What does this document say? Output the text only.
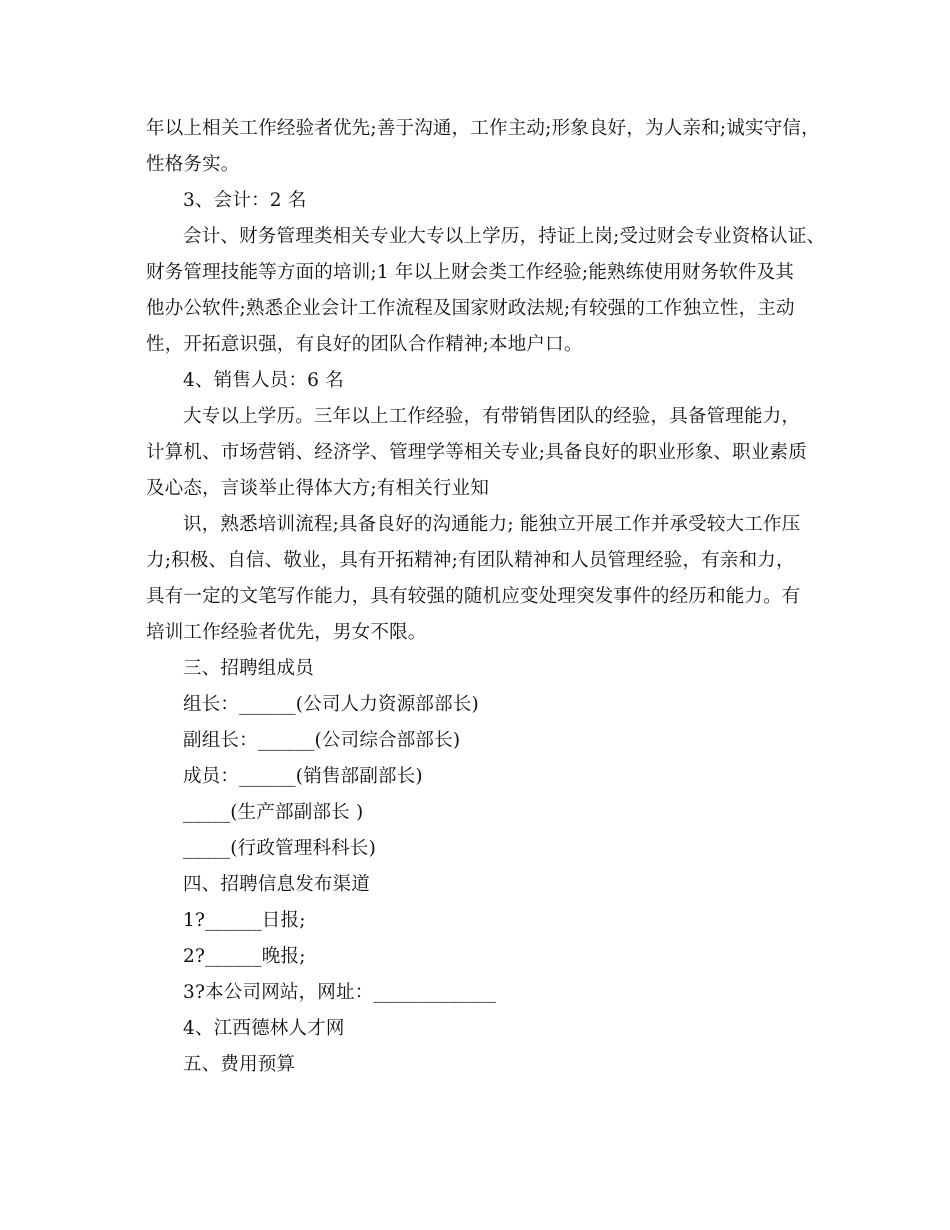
年以上相关工作经验者优先;善于沟通，工作主动;形象良好，为人亲和;诚实守信，
性格务实。
3、会计：2 名
会计、财务管理类相关专业大专以上学历，持证上岗;受过财会专业资格认证、
财务管理技能等方面的培训;1 年以上财会类工作经验;能熟练使用财务软件及其
他办公软件;熟悉企业会计工作流程及国家财政法规;有较强的工作独立性，主动
性，开拓意识强，有良好的团队合作精神;本地户口。
4、销售人员：6 名
大专以上学历。三年以上工作经验，有带销售团队的经验，具备管理能力，
计算机、市场营销、经济学、管理学等相关专业;具备良好的职业形象、职业素质
及心态，言谈举止得体大方;有相关行业知
识，熟悉培训流程;具备良好的沟通能力; 能独立开展工作并承受较大工作压
力;积极、自信、敬业，具有开拓精神;有团队精神和人员管理经验，有亲和力，
具有一定的文笔写作能力，具有较强的随机应变处理突发事件的经历和能力。有
培训工作经验者优先，男女不限。
三、招聘组成员
组长：______(公司人力资源部部长)
副组长：______(公司综合部部长)
成员：______(销售部副部长)
_____(生产部副部长 )
_____(行政管理科科长)
四、招聘信息发布渠道
1?______日报;
2?______晚报;
3?本公司网站，网址：_____________
4、江西德林人才网
五、费用预算
